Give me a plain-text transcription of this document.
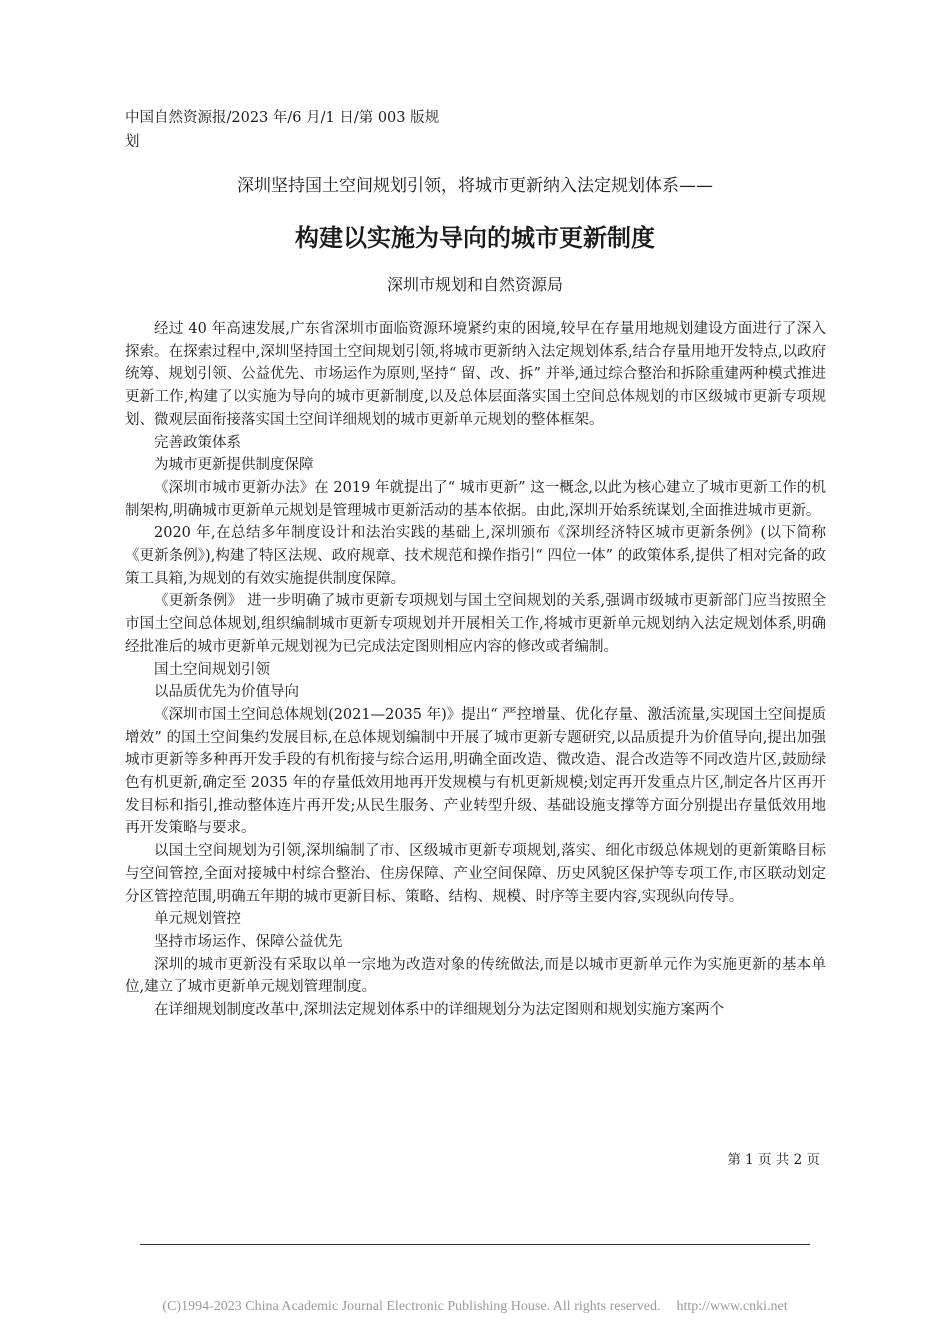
中国自然资源报/2023 年/6 月/1 日/第 003 版规划
深圳坚持国土空间规划引领，将城市更新纳入法定规划体系——
构建以实施为导向的城市更新制度
深圳市规划和自然资源局

经过 40 年高速发展,广东省深圳市面临资源环境紧约束的困境,较早在存量用地规划建设方面进行了深入探索。在探索过程中,深圳坚持国土空间规划引领,将城市更新纳入法定规划体系,结合存量用地开发特点,以政府统筹、规划引领、公益优先、市场运作为原则,坚持“ 留、改、拆” 并举,通过综合整治和拆除重建两种模式推进更新工作,构建了以实施为导向的城市更新制度,以及总体层面落实国土空间总体规划的市区级城市更新专项规划、微观层面衔接落实国土空间详细规划的城市更新单元规划的整体框架。

完善政策体系

为城市更新提供制度保障

《深圳市城市更新办法》在 2019 年就提出了“ 城市更新” 这一概念,以此为核心建立了城市更新工作的机制架构,明确城市更新单元规划是管理城市更新活动的基本依据。由此,深圳开始系统谋划,全面推进城市更新。

2020 年,在总结多年制度设计和法治实践的基础上,深圳颁布《深圳经济特区城市更新条例》(以下简称《更新条例》),构建了特区法规、政府规章、技术规范和操作指引“ 四位一体” 的政策体系,提供了相对完备的政策工具箱,为规划的有效实施提供制度保障。

《更新条例》 进一步明确了城市更新专项规划与国土空间规划的关系,强调市级城市更新部门应当按照全市国土空间总体规划,组织编制城市更新专项规划并开展相关工作,将城市更新单元规划纳入法定规划体系,明确经批准后的城市更新单元规划视为已完成法定图则相应内容的修改或者编制。

国土空间规划引领

以品质优先为价值导向

《深圳市国土空间总体规划(2021—2035 年)》提出“ 严控增量、优化存量、激活流量,实现国土空间提质增效” 的国土空间集约发展目标,在总体规划编制中开展了城市更新专题研究,以品质提升为价值导向,提出加强城市更新等多种再开发手段的有机衔接与综合运用,明确全面改造、微改造、混合改造等不同改造片区,鼓励绿色有机更新,确定至 2035 年的存量低效用地再开发规模与有机更新规模;划定再开发重点片区,制定各片区再开发目标和指引,推动整体连片再开发;从民生服务、产业转型升级、基础设施支撑等方面分别提出存量低效用地再开发策略与要求。

以国土空间规划为引领,深圳编制了市、区级城市更新专项规划,落实、细化市级总体规划的更新策略目标与空间管控,全面对接城中村综合整治、住房保障、产业空间保障、历史风貌区保护等专项工作,市区联动划定分区管控范围,明确五年期的城市更新目标、策略、结构、规模、时序等主要内容,实现纵向传导。

单元规划管控

坚持市场运作、保障公益优先

深圳的城市更新没有采取以单一宗地为改造对象的传统做法,而是以城市更新单元作为实施更新的基本单位,建立了城市更新单元规划管理制度。

在详细规划制度改革中,深圳法定规划体系中的详细规划分为法定图则和规划实施方案两个

第 1 页 共 2 页
(C)1994-2023 China Academic Journal Electronic Publishing House. All rights reserved. http://www.cnki.net
